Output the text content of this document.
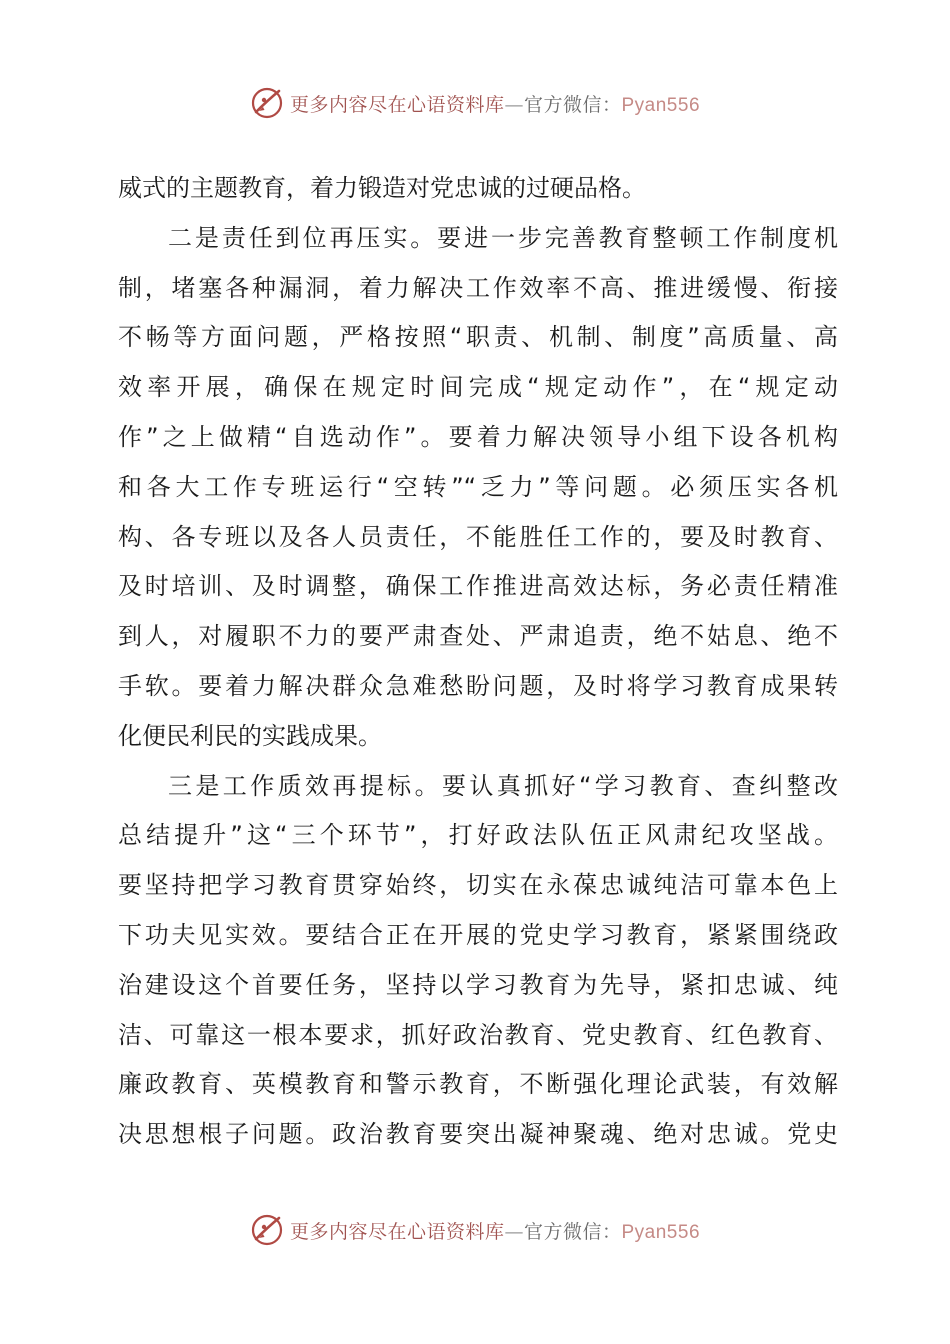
更多内容尽在心语资料库—官方微信：Pyan556
威式的主题教育，着力锻造对党忠诚的过硬品格。
二是责任到位再压实。要进一步完善教育整顿工作制度机
制，堵塞各种漏洞，着力解决工作效率不高、推进缓慢、衔接
不畅等方面问题，严格按照“职责、机制、制度”高质量、高
效率开展，确保在规定时间完成“规定动作”，在“规定动
作”之上做精“自选动作”。要着力解决领导小组下设各机构
和各大工作专班运行“空转”“乏力”等问题。必须压实各机
构、各专班以及各人员责任，不能胜任工作的，要及时教育、
及时培训、及时调整，确保工作推进高效达标，务必责任精准
到人，对履职不力的要严肃查处、严肃追责，绝不姑息、绝不
手软。要着力解决群众急难愁盼问题，及时将学习教育成果转
化便民利民的实践成果。
三是工作质效再提标。要认真抓好“学习教育、查纠整改
总结提升”这“三个环节”，打好政法队伍正风肃纪攻坚战。
要坚持把学习教育贯穿始终，切实在永葆忠诚纯洁可靠本色上
下功夫见实效。要结合正在开展的党史学习教育，紧紧围绕政
治建设这个首要任务，坚持以学习教育为先导，紧扣忠诚、纯
洁、可靠这一根本要求，抓好政治教育、党史教育、红色教育、
廉政教育、英模教育和警示教育，不断强化理论武装，有效解
决思想根子问题。政治教育要突出凝神聚魂、绝对忠诚。党史
更多内容尽在心语资料库—官方微信：Pyan556
